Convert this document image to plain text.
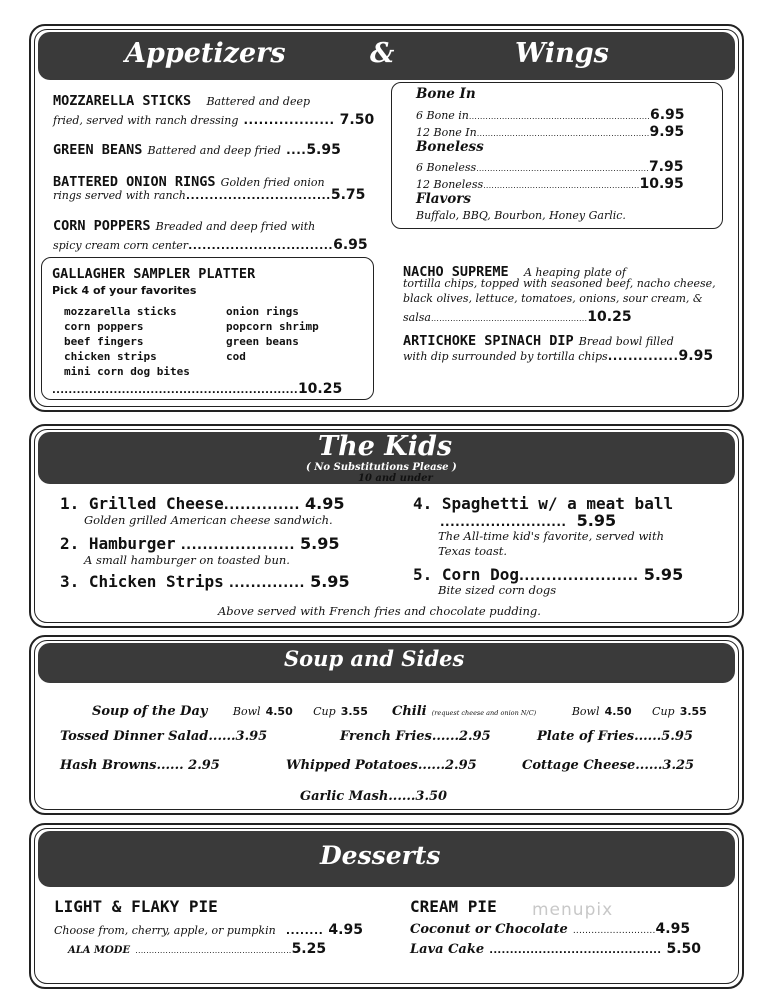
Appetizers	&	Wings
MOZZARELLA STICKS Battered and deep
fried, served with ranch dressing .................. 7.50
GREEN BEANS Battered and deep fried ....5.95
BATTERED ONION RINGS Golden fried onion
rings served with ranch...............................5.75
CORN POPPERS Breaded and deep fried with
spicy cream corn center...............................6.95
GALLAGHER SAMPLER PLATTER
Pick 4 of your favorites
mozzarella sticks
corn poppers
beef fingers
chicken strips
mini corn dog bites
onion rings
popcorn shrimp
green beans
cod
............................................................10.25
Bone In
6 Bone in..................................................................6.95
12 Bone In...............................................................9.95
Boneless
6 Boneless...............................................................7.95
12 Boneless.........................................................10.95
Flavors
Buffalo, BBQ, Bourbon, Honey Garlic.
NACHO SUPREME A heaping plate of
tortilla chips, topped with seasoned beef, nacho cheese,
black olives, lettuce, tomatoes, onions, sour cream, &
salsa.........................................................10.25
ARTICHOKE SPINACH DIP Bread bowl filled
with dip surrounded by tortilla chips..............9.95
The Kids
( No Substitutions Please )
10 and under
1. Grilled Cheese.............. 4.95
Golden grilled American cheese sandwich.
2. Hamburger ..................... 5.95
A small hamburger on toasted bun.
3. Chicken Strips .............. 5.95
4. Spaghetti w/ a meat ball
......................... 5.95
The All-time kid's favorite, served with
Texas toast.
5. Corn Dog...................... 5.95
Bite sized corn dogs
Above served with French fries and chocolate pudding.
Soup and Sides
Soup of the Day Bowl 4.50 Cup 3.55 Chili (request cheese and onion N/C)	Bowl 4.50 Cup 3.55
Tossed Dinner Salad......3.95	French Fries......2.95	Plate of Fries......5.95
Hash Browns...... 2.95	Whipped Potatoes......2.95	Cottage Cheese......3.25
Garlic Mash......3.50
Desserts
LIGHT & FLAKY PIE
Choose from, cherry, apple, or pumpkin ........ 4.95
ALA MODE .........................................................5.25
CREAM PIE
Coconut or Chocolate ...........................4.95
Lava Cake .......................................... 5.50
menupix
